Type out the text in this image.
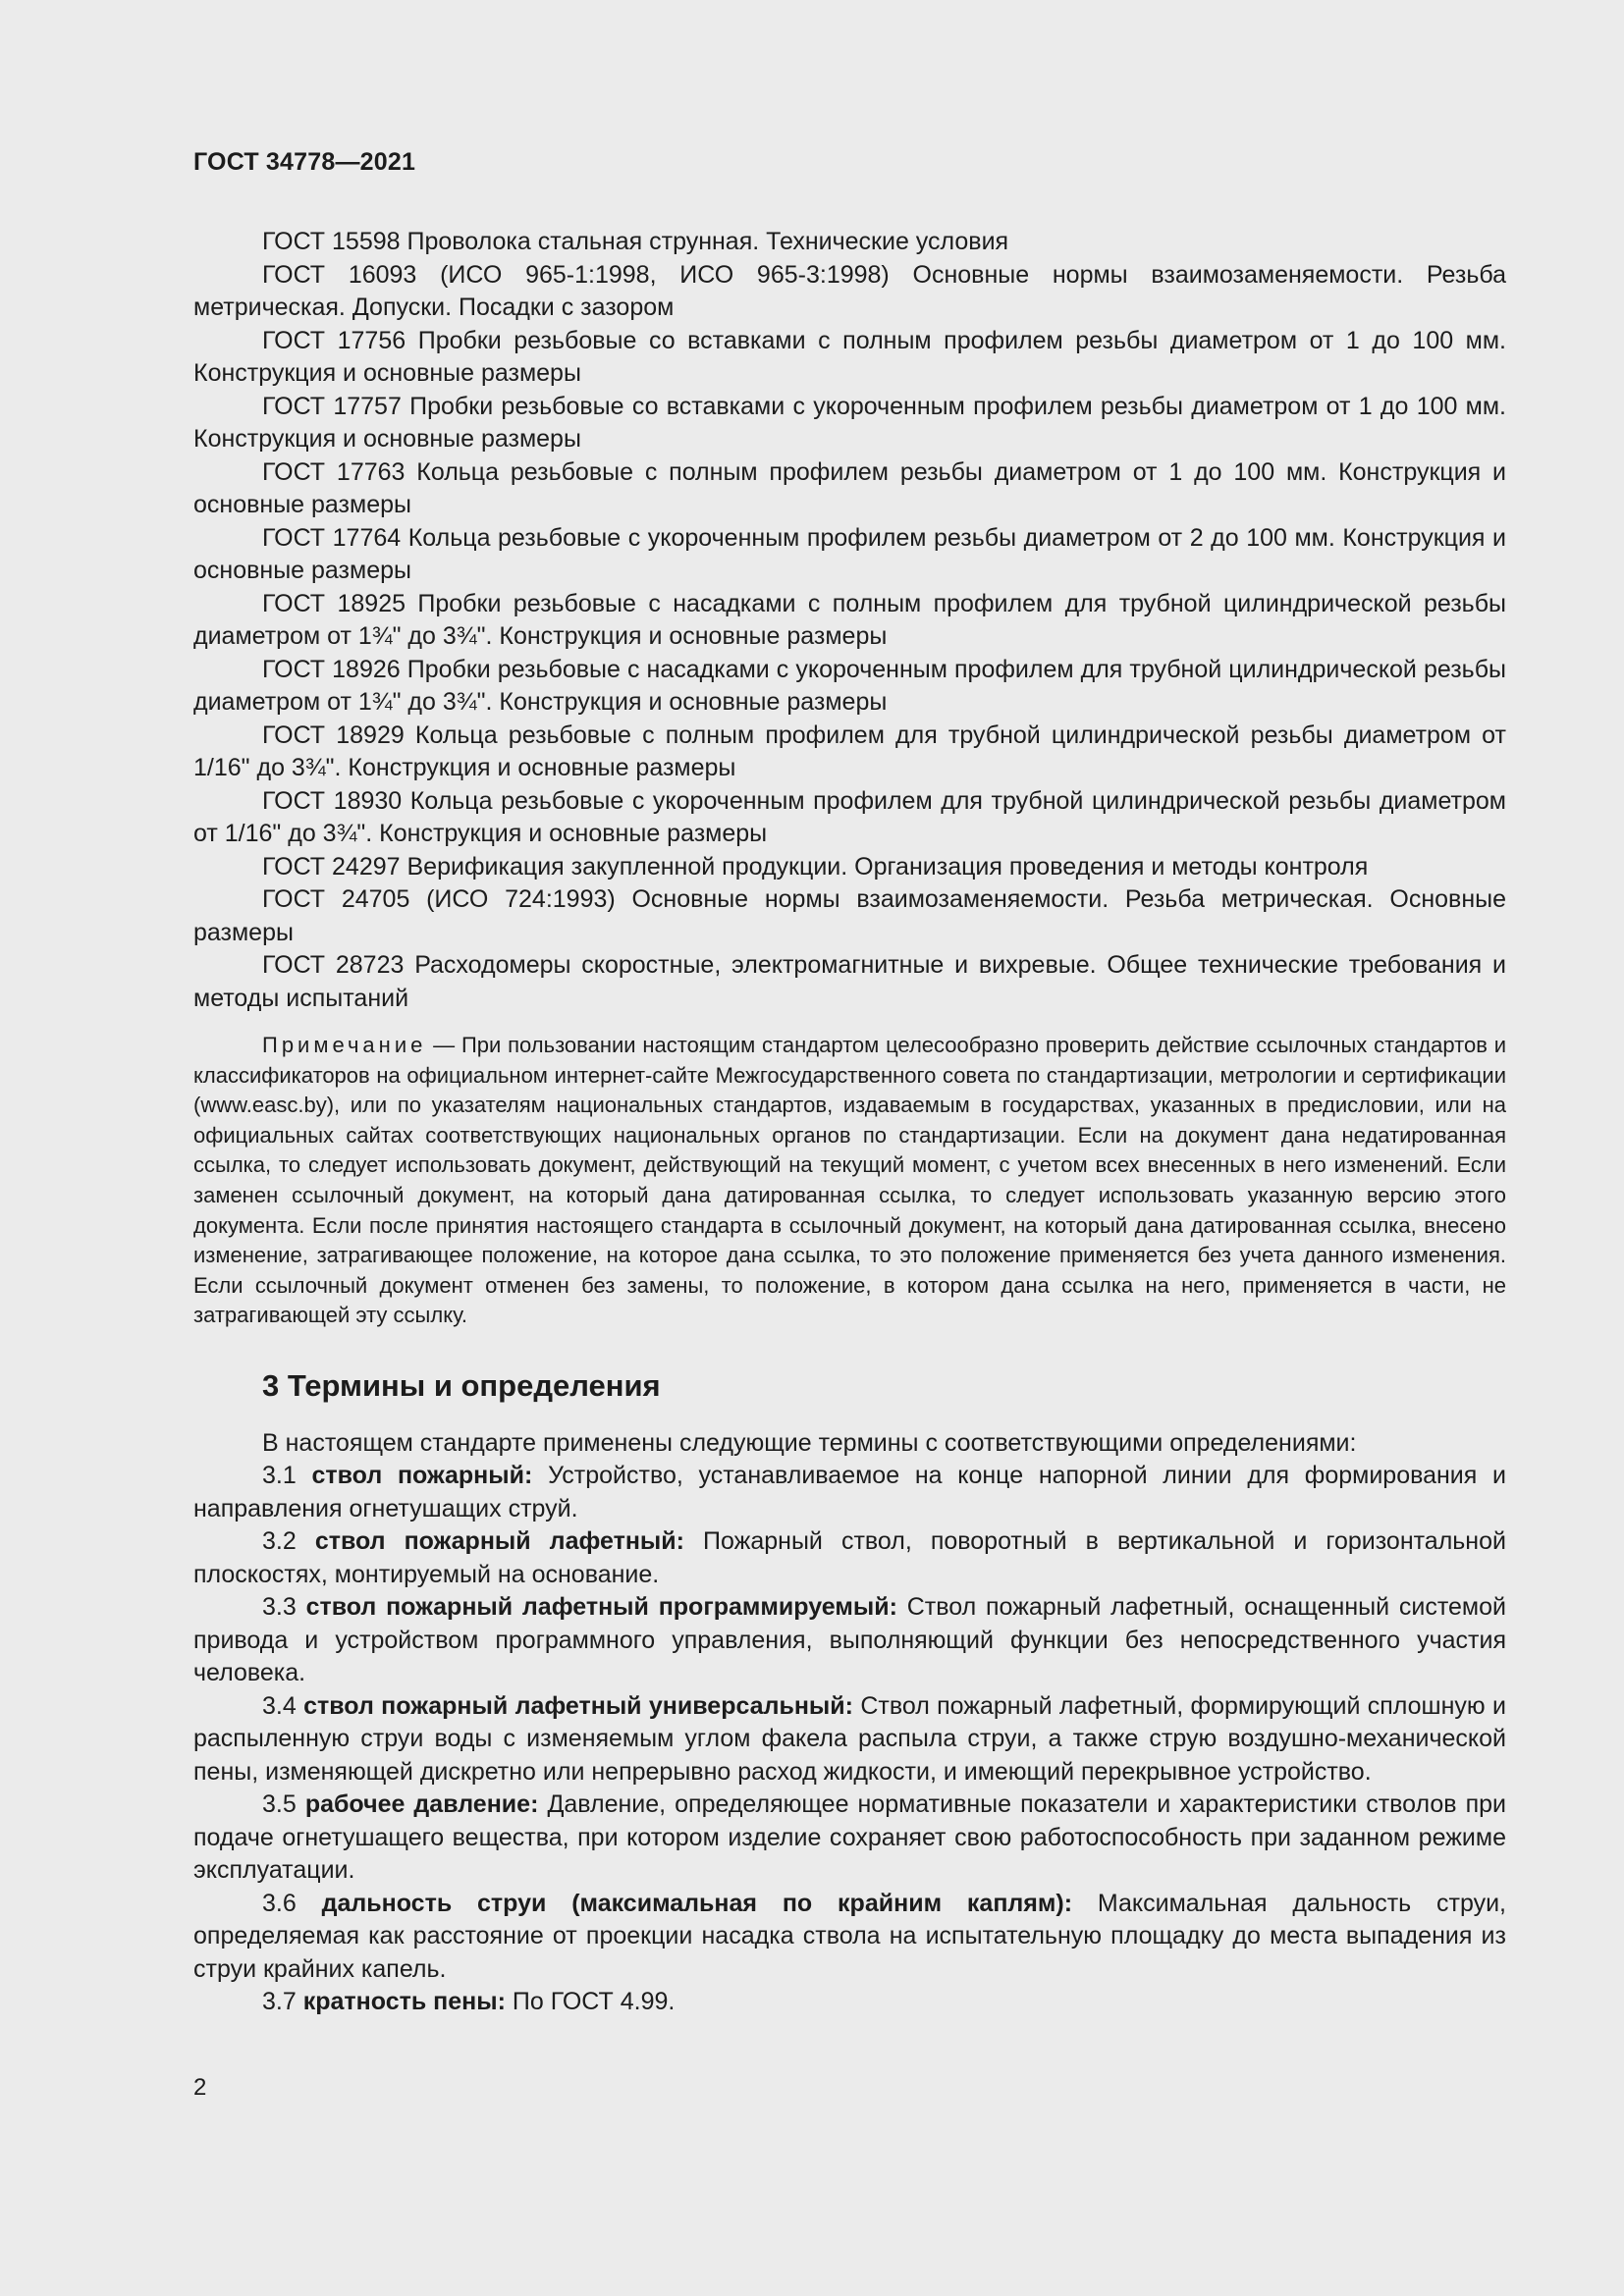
ГОСТ 34778—2021

ГОСТ 15598 Проволока стальная струнная. Технические условия

ГОСТ 16093 (ИСО 965-1:1998, ИСО 965-3:1998) Основные нормы взаимозаменяемости. Резьба метрическая. Допуски. Посадки с зазором

ГОСТ 17756 Пробки резьбовые со вставками с полным профилем резьбы диаметром от 1 до 100 мм. Конструкция и основные размеры

ГОСТ 17757 Пробки резьбовые со вставками с укороченным профилем резьбы диаметром от 1 до 100 мм. Конструкция и основные размеры

ГОСТ 17763 Кольца резьбовые с полным профилем резьбы диаметром от 1 до 100 мм. Конструкция и основные размеры

ГОСТ 17764 Кольца резьбовые с укороченным профилем резьбы диаметром от 2 до 100 мм. Конструкция и основные размеры

ГОСТ 18925 Пробки резьбовые с насадками с полным профилем для трубной цилиндрической резьбы диаметром от 1¾" до 3¾". Конструкция и основные размеры

ГОСТ 18926 Пробки резьбовые с насадками с укороченным профилем для трубной цилиндрической резьбы диаметром от 1¾" до 3¾". Конструкция и основные размеры

ГОСТ 18929 Кольца резьбовые с полным профилем для трубной цилиндрической резьбы диаметром от 1/16" до 3¾". Конструкция и основные размеры

ГОСТ 18930 Кольца резьбовые с укороченным профилем для трубной цилиндрической резьбы диаметром от 1/16" до 3¾". Конструкция и основные размеры

ГОСТ 24297 Верификация закупленной продукции. Организация проведения и методы контроля

ГОСТ 24705 (ИСО 724:1993) Основные нормы взаимозаменяемости. Резьба метрическая. Основные размеры

ГОСТ 28723 Расходомеры скоростные, электромагнитные и вихревые. Общее технические требования и методы испытаний

Примечание — При пользовании настоящим стандартом целесообразно проверить действие ссылочных стандартов и классификаторов на официальном интернет-сайте Межгосударственного совета по стандартизации, метрологии и сертификации (www.easc.by), или по указателям национальных стандартов, издаваемым в государствах, указанных в предисловии, или на официальных сайтах соответствующих национальных органов по стандартизации. Если на документ дана недатированная ссылка, то следует использовать документ, действующий на текущий момент, с учетом всех внесенных в него изменений. Если заменен ссылочный документ, на который дана датированная ссылка, то следует использовать указанную версию этого документа. Если после принятия настоящего стандарта в ссылочный документ, на который дана датированная ссылка, внесено изменение, затрагивающее положение, на которое дана ссылка, то это положение применяется без учета данного изменения. Если ссылочный документ отменен без замены, то положение, в котором дана ссылка на него, применяется в части, не затрагивающей эту ссылку.

3 Термины и определения

В настоящем стандарте применены следующие термины с соответствующими определениями:

3.1 ствол пожарный: Устройство, устанавливаемое на конце напорной линии для формирования и направления огнетушащих струй.

3.2 ствол пожарный лафетный: Пожарный ствол, поворотный в вертикальной и горизонтальной плоскостях, монтируемый на основание.

3.3 ствол пожарный лафетный программируемый: Ствол пожарный лафетный, оснащенный системой привода и устройством программного управления, выполняющий функции без непосредственного участия человека.

3.4 ствол пожарный лафетный универсальный: Ствол пожарный лафетный, формирующий сплошную и распыленную струи воды с изменяемым углом факела распыла струи, а также струю воздушно-механической пены, изменяющей дискретно или непрерывно расход жидкости, и имеющий перекрывное устройство.

3.5 рабочее давление: Давление, определяющее нормативные показатели и характеристики стволов при подаче огнетушащего вещества, при котором изделие сохраняет свою работоспособность при заданном режиме эксплуатации.

3.6 дальность струи (максимальная по крайним каплям): Максимальная дальность струи, определяемая как расстояние от проекции насадка ствола на испытательную площадку до места выпадения из струи крайних капель.

3.7 кратность пены: По ГОСТ 4.99.

2
